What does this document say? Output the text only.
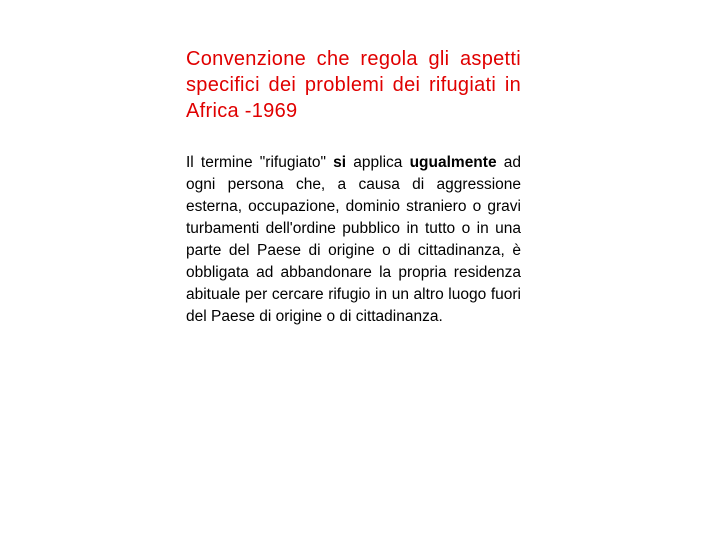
Convenzione che regola gli aspetti specifici dei problemi dei rifugiati in Africa -1969
Il termine "rifugiato" si applica ugualmente ad ogni persona che, a causa di aggressione esterna, occupazione, dominio straniero o gravi turbamenti dell'ordine pubblico in tutto o in una parte del Paese di origine o di cittadinanza, è obbligata ad abbandonare la propria residenza abituale per cercare rifugio in un altro luogo fuori del Paese di origine o di cittadinanza.
